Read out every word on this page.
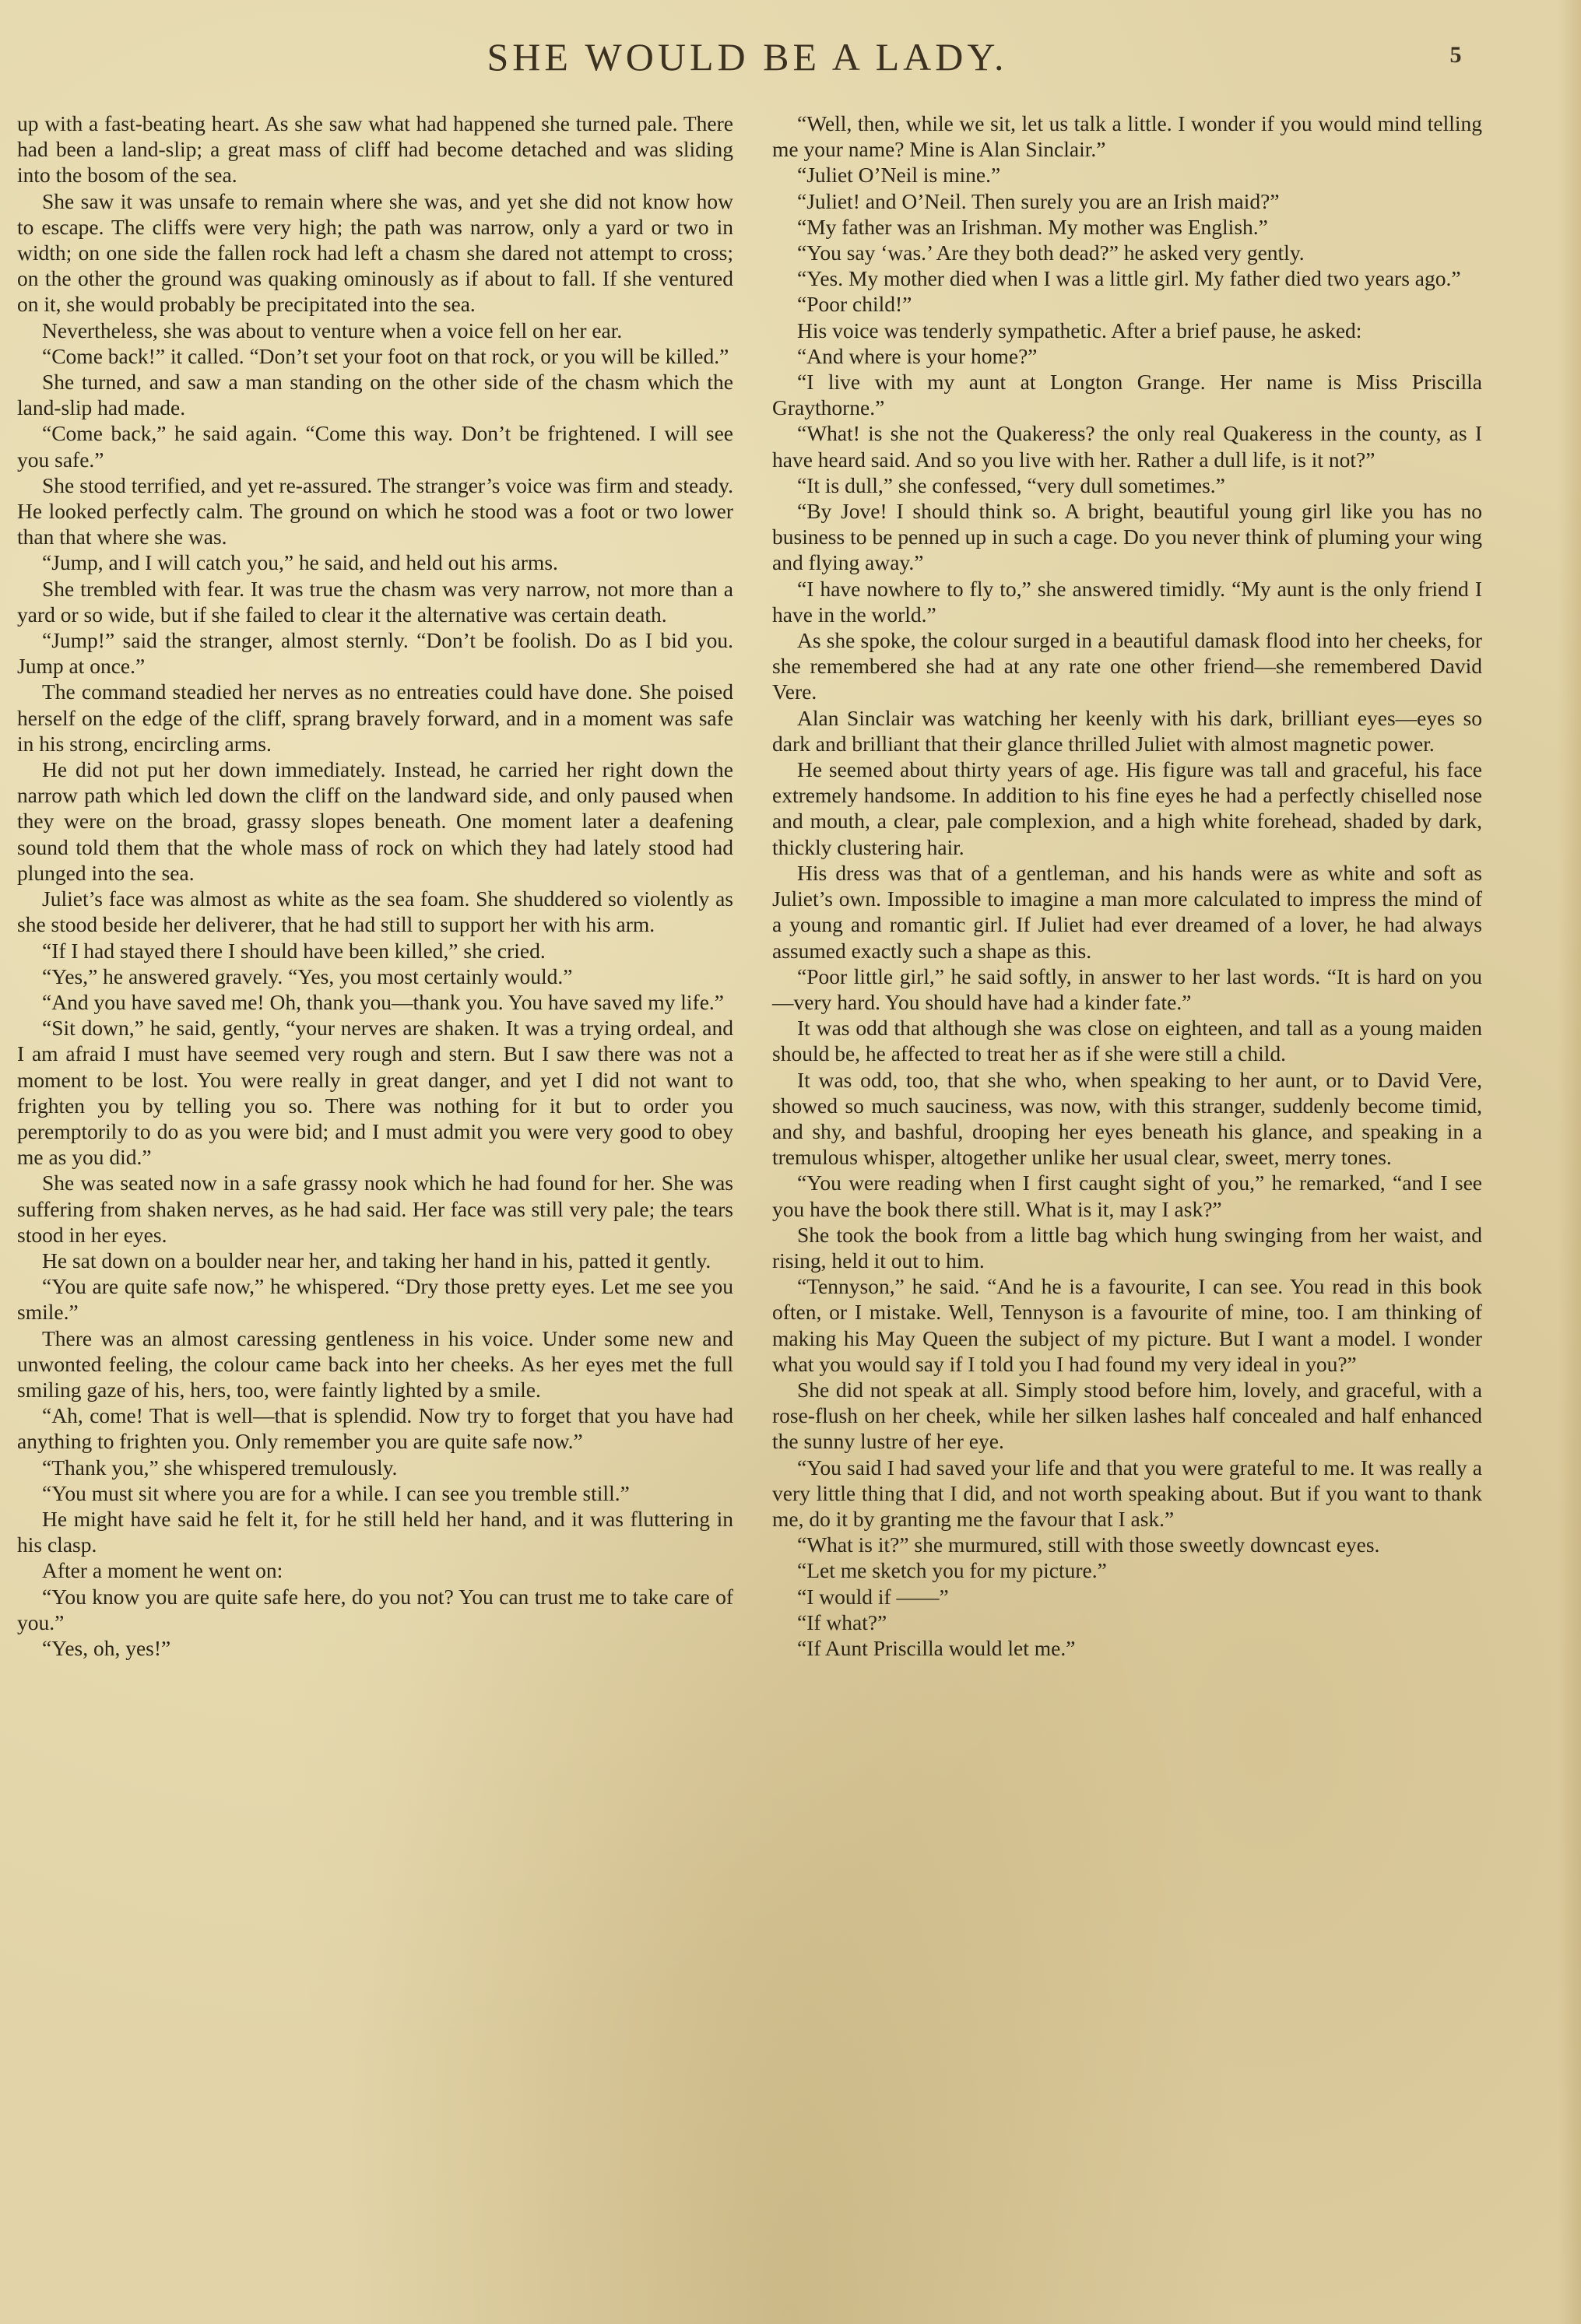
SHE WOULD BE A LADY.	5

up with a fast-beating heart. As she saw what had happened she turned pale. There had been a land-slip; a great mass of cliff had become detached and was sliding into the bosom of the sea.

She saw it was unsafe to remain where she was, and yet she did not know how to escape. The cliffs were very high; the path was narrow, only a yard or two in width; on one side the fallen rock had left a chasm she dared not attempt to cross; on the other the ground was quaking ominously as if about to fall. If she ventured on it, she would probably be precipitated into the sea.

Nevertheless, she was about to venture when a voice fell on her ear.

“Come back!” it called. “Don’t set your foot on that rock, or you will be killed.”

She turned, and saw a man standing on the other side of the chasm which the land-slip had made.

“Come back,” he said again. “Come this way. Don’t be frightened. I will see you safe.”

She stood terrified, and yet re-assured. The stranger’s voice was firm and steady. He looked perfectly calm. The ground on which he stood was a foot or two lower than that where she was.

“Jump, and I will catch you,” he said, and held out his arms.

She trembled with fear. It was true the chasm was very narrow, not more than a yard or so wide, but if she failed to clear it the alternative was certain death.

“Jump!” said the stranger, almost sternly. “Don’t be foolish. Do as I bid you. Jump at once.”

The command steadied her nerves as no entreaties could have done. She poised herself on the edge of the cliff, sprang bravely forward, and in a moment was safe in his strong, encircling arms.

He did not put her down immediately. Instead, he carried her right down the narrow path which led down the cliff on the landward side, and only paused when they were on the broad, grassy slopes beneath. One moment later a deafening sound told them that the whole mass of rock on which they had lately stood had plunged into the sea.

Juliet’s face was almost as white as the sea foam. She shuddered so violently as she stood beside her deliverer, that he had still to support her with his arm.

“If I had stayed there I should have been killed,” she cried.

“Yes,” he answered gravely. “Yes, you most certainly would.”

“And you have saved me! Oh, thank you—thank you. You have saved my life.”

“Sit down,” he said, gently, “your nerves are shaken. It was a trying ordeal, and I am afraid I must have seemed very rough and stern. But I saw there was not a moment to be lost. You were really in great danger, and yet I did not want to frighten you by telling you so. There was nothing for it but to order you peremptorily to do as you were bid; and I must admit you were very good to obey me as you did.”

She was seated now in a safe grassy nook which he had found for her. She was suffering from shaken nerves, as he had said. Her face was still very pale; the tears stood in her eyes.

He sat down on a boulder near her, and taking her hand in his, patted it gently.

“You are quite safe now,” he whispered. “Dry those pretty eyes. Let me see you smile.”

There was an almost caressing gentleness in his voice. Under some new and unwonted feeling, the colour came back into her cheeks. As her eyes met the full smiling gaze of his, hers, too, were faintly lighted by a smile.

“Ah, come! That is well—that is splendid. Now try to forget that you have had anything to frighten you. Only remember you are quite safe now.”

“Thank you,” she whispered tremulously.

“You must sit where you are for a while. I can see you tremble still.”

He might have said he felt it, for he still held her hand, and it was fluttering in his clasp.

After a moment he went on:

“You know you are quite safe here, do you not? You can trust me to take care of you.”

“Yes, oh, yes!”

“Well, then, while we sit, let us talk a little. I wonder if you would mind telling me your name? Mine is Alan Sinclair.”

“Juliet O’Neil is mine.”

“Juliet! and O’Neil. Then surely you are an Irish maid?”

“My father was an Irishman. My mother was English.”

“You say ‘was.’ Are they both dead?” he asked very gently.

“Yes. My mother died when I was a little girl. My father died two years ago.”

“Poor child!”

His voice was tenderly sympathetic. After a brief pause, he asked:

“And where is your home?”

“I live with my aunt at Longton Grange. Her name is Miss Priscilla Graythorne.”

“What! is she not the Quakeress? the only real Quakeress in the county, as I have heard said. And so you live with her. Rather a dull life, is it not?”

“It is dull,” she confessed, “very dull sometimes.”

“By Jove! I should think so. A bright, beautiful young girl like you has no business to be penned up in such a cage. Do you never think of pluming your wing and flying away.”

“I have nowhere to fly to,” she answered timidly. “My aunt is the only friend I have in the world.”

As she spoke, the colour surged in a beautiful damask flood into her cheeks, for she remembered she had at any rate one other friend—she remembered David Vere.

Alan Sinclair was watching her keenly with his dark, brilliant eyes—eyes so dark and brilliant that their glance thrilled Juliet with almost magnetic power.

He seemed about thirty years of age. His figure was tall and graceful, his face extremely handsome. In addition to his fine eyes he had a perfectly chiselled nose and mouth, a clear, pale complexion, and a high white forehead, shaded by dark, thickly clustering hair.

His dress was that of a gentleman, and his hands were as white and soft as Juliet’s own. Impossible to imagine a man more calculated to impress the mind of a young and romantic girl. If Juliet had ever dreamed of a lover, he had always assumed exactly such a shape as this.

“Poor little girl,” he said softly, in answer to her last words. “It is hard on you—very hard. You should have had a kinder fate.”

It was odd that although she was close on eighteen, and tall as a young maiden should be, he affected to treat her as if she were still a child.

It was odd, too, that she who, when speaking to her aunt, or to David Vere, showed so much sauciness, was now, with this stranger, suddenly become timid, and shy, and bashful, drooping her eyes beneath his glance, and speaking in a tremulous whisper, altogether unlike her usual clear, sweet, merry tones.

“You were reading when I first caught sight of you,” he remarked, “and I see you have the book there still. What is it, may I ask?”

She took the book from a little bag which hung swinging from her waist, and rising, held it out to him.

“Tennyson,” he said. “And he is a favourite, I can see. You read in this book often, or I mistake. Well, Tennyson is a favourite of mine, too. I am thinking of making his May Queen the subject of my picture. But I want a model. I wonder what you would say if I told you I had found my very ideal in you?”

She did not speak at all. Simply stood before him, lovely, and graceful, with a rose-flush on her cheek, while her silken lashes half concealed and half enhanced the sunny lustre of her eye.

“You said I had saved your life and that you were grateful to me. It was really a very little thing that I did, and not worth speaking about. But if you want to thank me, do it by granting me the favour that I ask.”

“What is it?” she murmured, still with those sweetly downcast eyes.

“Let me sketch you for my picture.”

“I would if ——”

“If what?”

“If Aunt Priscilla would let me.”
